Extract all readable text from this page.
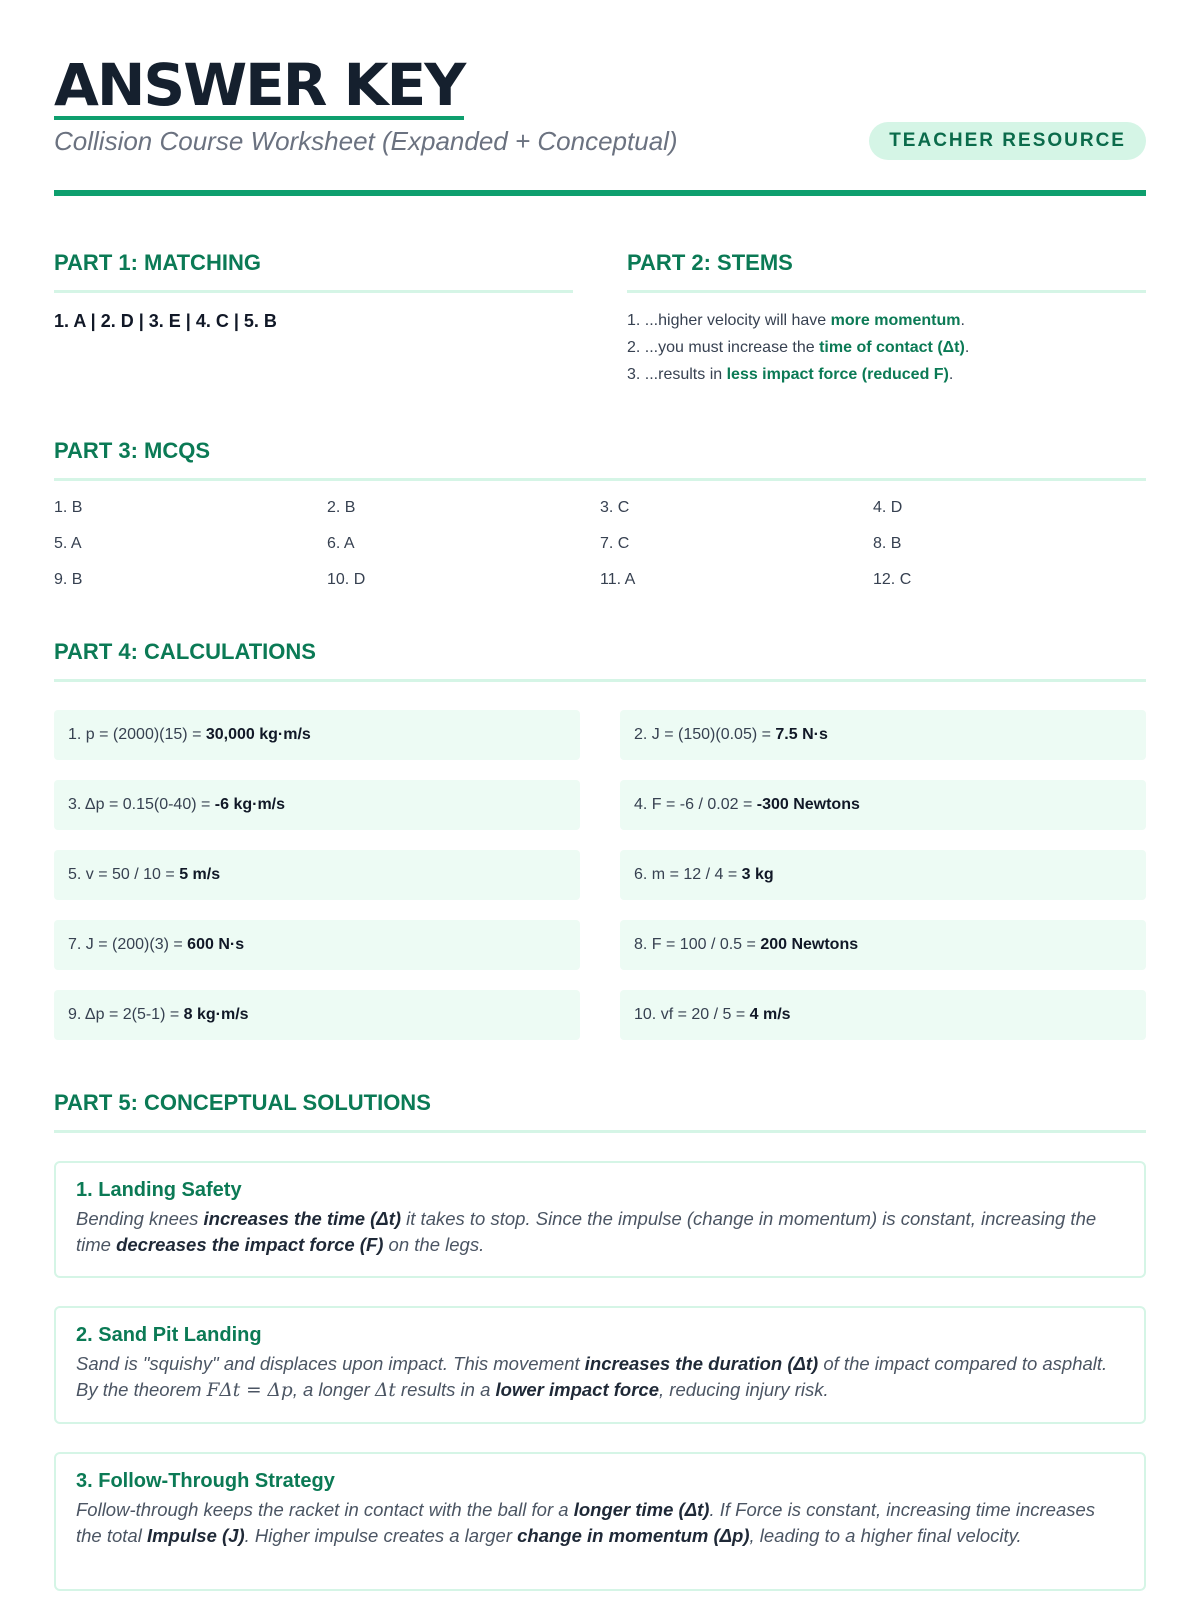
ANSWER KEY
Collision Course Worksheet (Expanded + Conceptual)	TEACHER RESOURCE
PART 1: MATCHING
1. A | 2. D | 3. E | 4. C | 5. B
PART 2: STEMS
1. ...higher velocity will have more momentum.
2. ...you must increase the time of contact (Δt).
3. ...results in less impact force (reduced F).
PART 3: MCQS
1. B	2. B	3. C	4. D
5. A	6. A	7. C	8. B
9. B	10. D	11. A	12. C
PART 4: CALCULATIONS
1. p = (2000)(15) = 30,000 kg·m/s	2. J = (150)(0.05) = 7.5 N·s
3. Δp = 0.15(0-40) = -6 kg·m/s	4. F = -6 / 0.02 = -300 Newtons
5. v = 50 / 10 = 5 m/s	6. m = 12 / 4 = 3 kg
7. J = (200)(3) = 600 N·s	8. F = 100 / 0.5 = 200 Newtons
9. Δp = 2(5-1) = 8 kg·m/s	10. vf = 20 / 5 = 4 m/s
PART 5: CONCEPTUAL SOLUTIONS
1. Landing Safety
Bending knees increases the time (Δt) it takes to stop. Since the impulse (change in momentum) is constant, increasing the time decreases the impact force (F) on the legs.
2. Sand Pit Landing
Sand is "squishy" and displaces upon impact. This movement increases the duration (Δt) of the impact compared to asphalt. By the theorem FΔt = Δp, a longer Δt results in a lower impact force, reducing injury risk.
3. Follow-Through Strategy
Follow-through keeps the racket in contact with the ball for a longer time (Δt). If Force is constant, increasing time increases the total Impulse (J). Higher impulse creates a larger change in momentum (Δp), leading to a higher final velocity.
